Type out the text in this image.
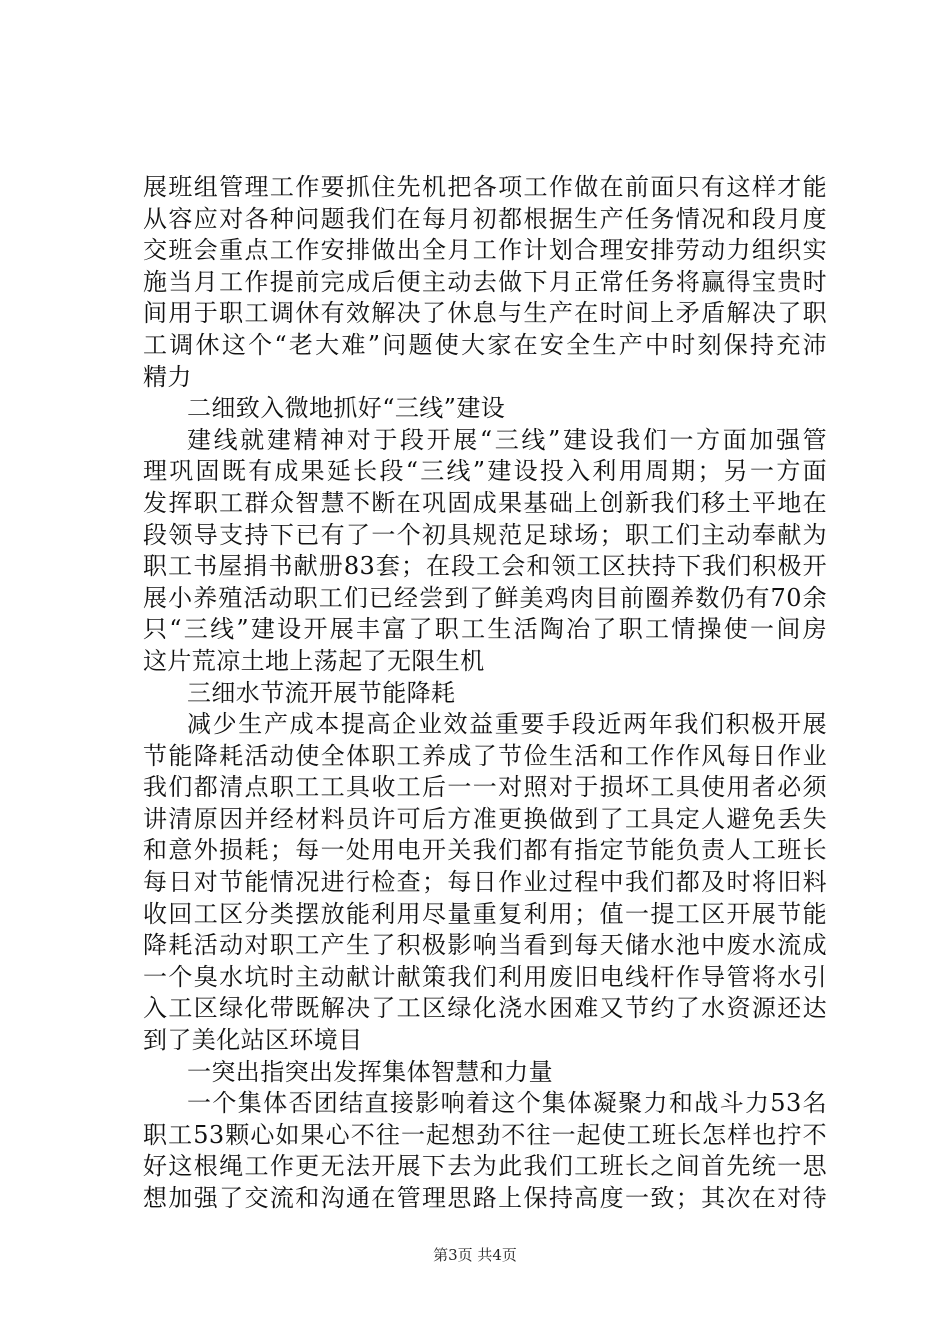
展班组管理工作要抓住先机把各项工作做在前面只有这样才能
从容应对各种问题我们在每月初都根据生产任务情况和段月度
交班会重点工作安排做出全月工作计划合理安排劳动力组织实
施当月工作提前完成后便主动去做下月正常任务将赢得宝贵时
间用于职工调休有效解决了休息与生产在时间上矛盾解决了职
工调休这个“老大难”问题使大家在安全生产中时刻保持充沛
精力
二细致入微地抓好“三线”建设
建线就建精神对于段开展“三线”建设我们一方面加强管
理巩固既有成果延长段“三线”建设投入利用周期；另一方面
发挥职工群众智慧不断在巩固成果基础上创新我们移土平地在
段领导支持下已有了一个初具规范足球场；职工们主动奉献为
职工书屋捐书献册83套；在段工会和领工区扶持下我们积极开
展小养殖活动职工们已经尝到了鲜美鸡肉目前圈养数仍有70余
只“三线”建设开展丰富了职工生活陶冶了职工情操使一间房
这片荒凉土地上荡起了无限生机
三细水节流开展节能降耗
减少生产成本提高企业效益重要手段近两年我们积极开展
节能降耗活动使全体职工养成了节俭生活和工作作风每日作业
我们都清点职工工具收工后一一对照对于损坏工具使用者必须
讲清原因并经材料员许可后方准更换做到了工具定人避免丢失
和意外损耗；每一处用电开关我们都有指定节能负责人工班长
每日对节能情况进行检查；每日作业过程中我们都及时将旧料
收回工区分类摆放能利用尽量重复利用；值一提工区开展节能
降耗活动对职工产生了积极影响当看到每天储水池中废水流成
一个臭水坑时主动献计献策我们利用废旧电线杆作导管将水引
入工区绿化带既解决了工区绿化浇水困难又节约了水资源还达
到了美化站区环境目
一突出指突出发挥集体智慧和力量
一个集体否团结直接影响着这个集体凝聚力和战斗力53名
职工53颗心如果心不往一起想劲不往一起使工班长怎样也拧不
好这根绳工作更无法开展下去为此我们工班长之间首先统一思
想加强了交流和沟通在管理思路上保持高度一致；其次在对待
第3页 共4页
